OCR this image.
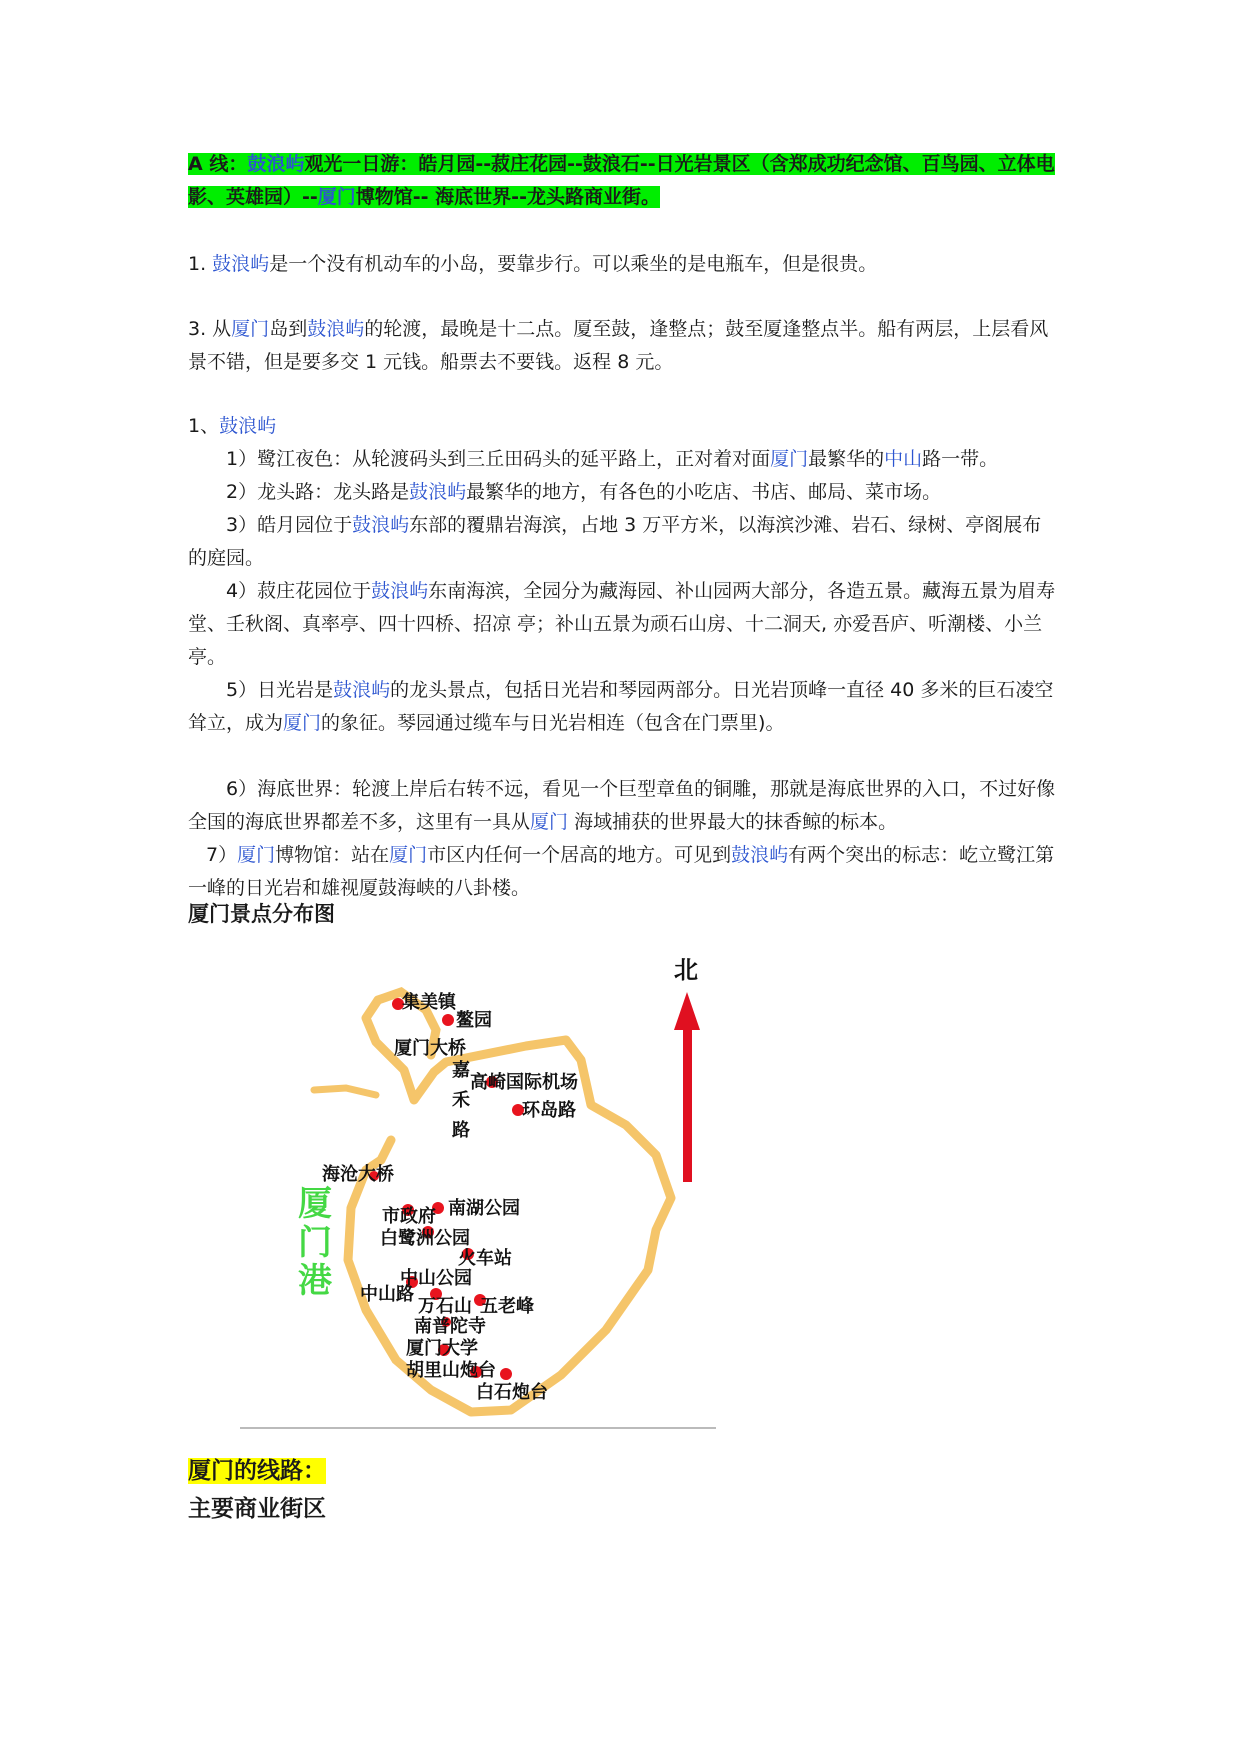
A 线：鼓浪屿观光一日游：皓月园--菽庄花园--鼓浪石--日光岩景区（含郑成功纪念馆、百鸟园、立体电影、英雄园）--厦门博物馆-- 海底世界--龙头路商业街。

1. 鼓浪屿是一个没有机动车的小岛，要靠步行。可以乘坐的是电瓶车，但是很贵。

3. 从厦门岛到鼓浪屿的轮渡，最晚是十二点。厦至鼓，逢整点；鼓至厦逢整点半。船有两层，上层看风景不错，但是要多交 1 元钱。船票去不要钱。返程 8 元。

1、鼓浪屿

1）鹭江夜色：从轮渡码头到三丘田码头的延平路上，正对着对面厦门最繁华的中山路一带。

2）龙头路：龙头路是鼓浪屿最繁华的地方，有各色的小吃店、书店、邮局、菜市场。

3）皓月园位于鼓浪屿东部的覆鼎岩海滨，占地 3 万平方米，以海滨沙滩、岩石、绿树、亭阁展布的庭园。

4）菽庄花园位于鼓浪屿东南海滨，全园分为藏海园、补山园两大部分，各造五景。藏海五景为眉寿堂、壬秋阁、真率亭、四十四桥、招凉 亭；补山五景为顽石山房、十二洞天, 亦爱吾庐、听潮楼、小兰亭。

5）日光岩是鼓浪屿的龙头景点，包括日光岩和琴园两部分。日光岩顶峰一直径 40 多米的巨石凌空耸立，成为厦门的象征。琴园通过缆车与日光岩相连（包含在门票里)。

6）海底世界：轮渡上岸后右转不远，看见一个巨型章鱼的铜雕，那就是海底世界的入口，不过好像全国的海底世界都差不多，这里有一具从厦门 海域捕获的世界最大的抹香鲸的标本。

7）厦门博物馆：站在厦门市区内任何一个居高的地方。可见到鼓浪屿有两个突出的标志：屹立鹭江第一峰的日光岩和雄视厦鼓海峡的八卦楼。

厦门景点分布图
北
厦
门
港
集美镇
鳌园
厦门大桥
嘉
禾
路
高崎国际机场
环岛路
海沧大桥
市政府 南湖公园
白鹭洲公园
火车站
中山公园
中山路
万石山 五老峰
南普陀寺
厦门大学
胡里山炮台
白石炮台
厦门的线路：
主要商业街区
